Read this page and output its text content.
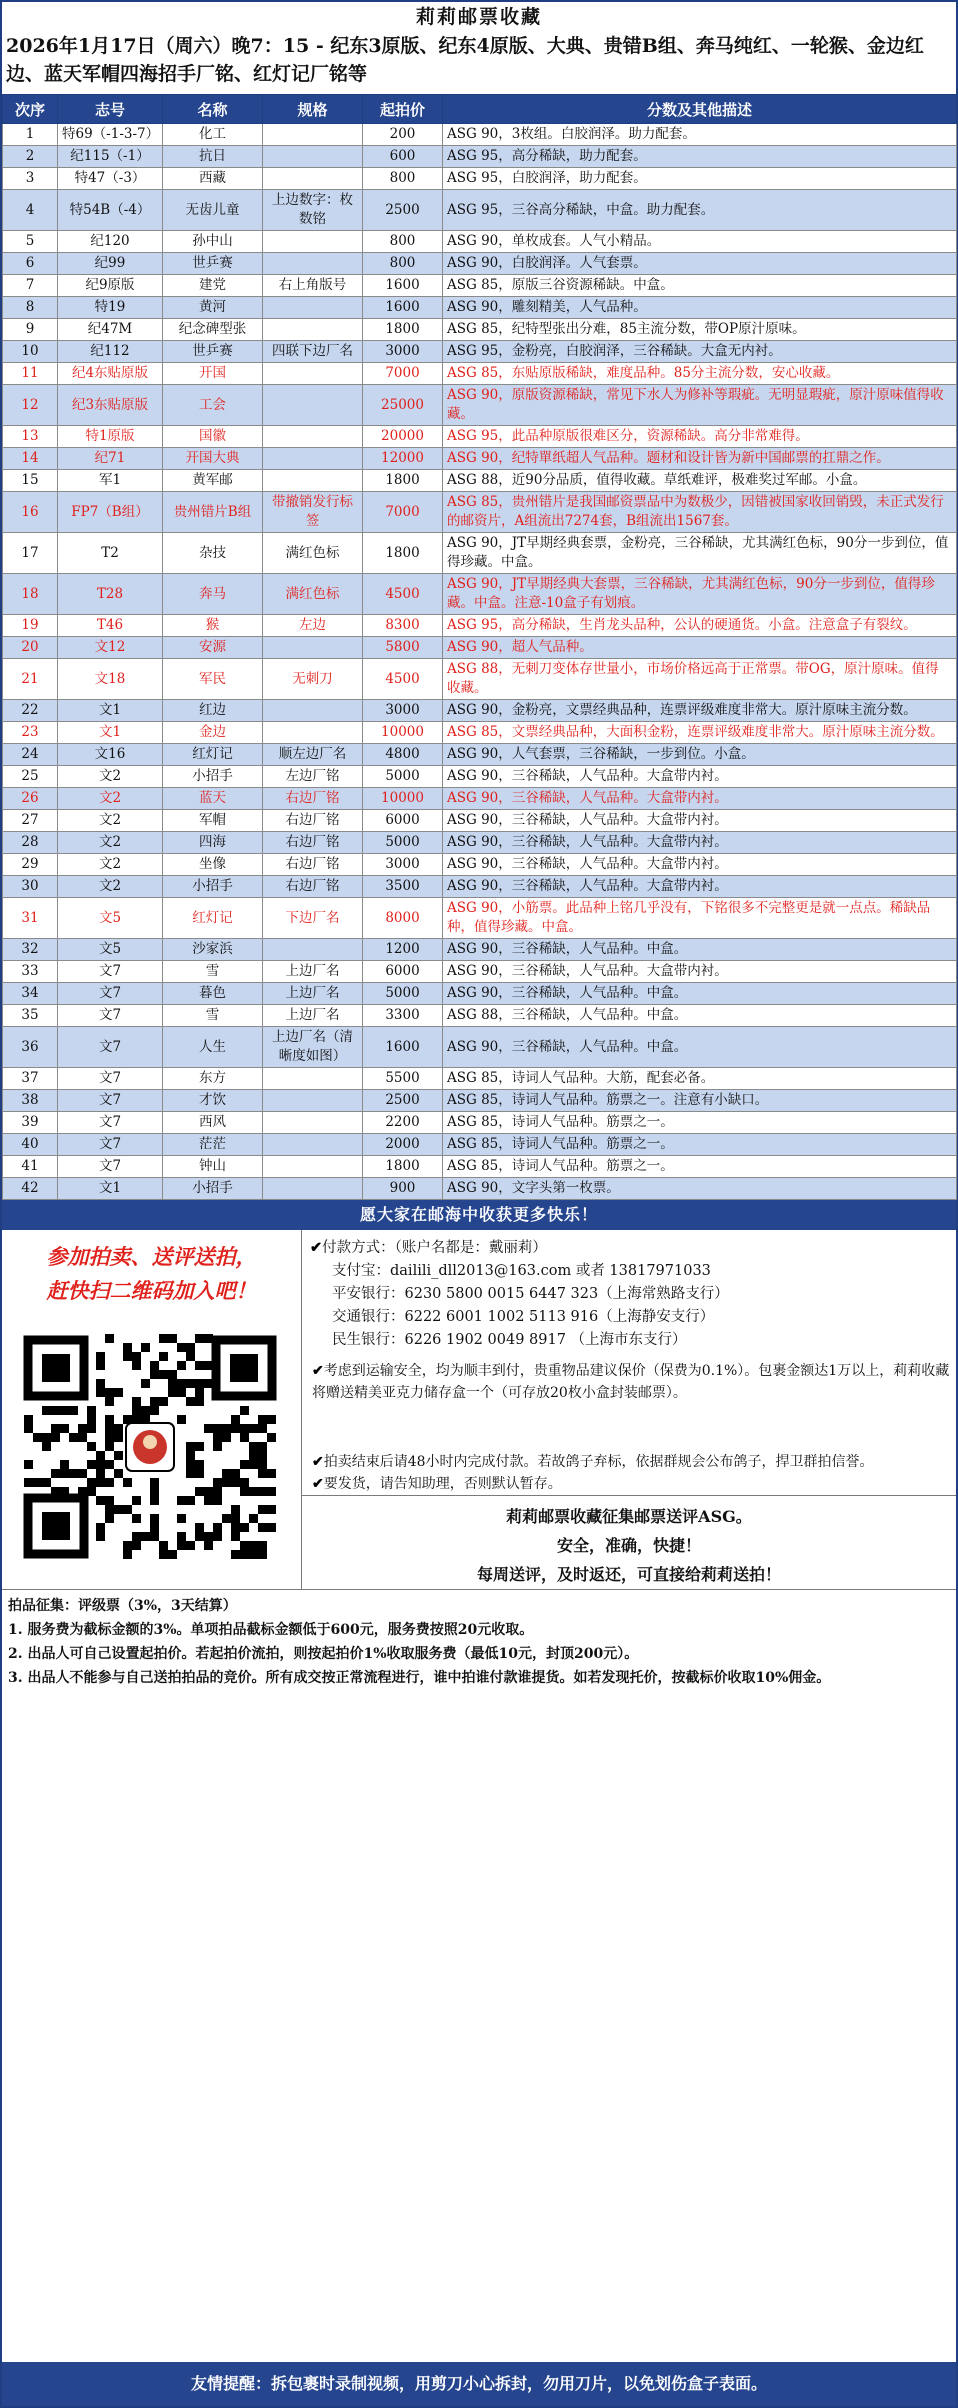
莉莉邮票收藏
2026年1月17日（周六）晚7：15 - 纪东3原版、纪东4原版、大典、贵错B组、奔马纯红、一轮猴、金边红边、蓝天军帽四海招手厂铭、红灯记厂铭等
次序	志号	名称	规格	起拍价	分数及其他描述
1	特69（-1-3-7）	化工		200	ASG 90，3枚组。白胶润泽。助力配套。
2	纪115（-1）	抗日		600	ASG 95，高分稀缺，助力配套。
3	特47（-3）	西藏		800	ASG 95，白胶润泽，助力配套。
4	特54B（-4）	无齿儿童	上边数字：枚数铭	2500	ASG 95，三谷高分稀缺，中盒。助力配套。
5	纪120	孙中山		800	ASG 90，单枚成套。人气小精品。
6	纪99	世乒赛		800	ASG 90，白胶润泽。人气套票。
7	纪9原版	建党	右上角版号	1600	ASG 85，原版三谷资源稀缺。中盒。
8	特19	黄河		1600	ASG 90，雕刻精美，人气品种。
9	纪47M	纪念碑型张		1800	ASG 85，纪特型张出分难，85主流分数，带OP原汁原味。
10	纪112	世乒赛	四联下边厂名	3000	ASG 95，金粉亮，白胶润泽，三谷稀缺。大盒无内衬。
11	纪4东贴原版	开国		7000	ASG 85，东贴原版稀缺，难度品种。85分主流分数，安心收藏。
12	纪3东贴原版	工会		25000	ASG 90，原版资源稀缺，常见下水人为修补等瑕疵。无明显瑕疵，原汁原味值得收藏。
13	特1原版	国徽		20000	ASG 95，此品种原版很难区分，资源稀缺。高分非常难得。
14	纪71	开国大典		12000	ASG 90，纪特單纸超人气品种。题材和设计皆为新中国邮票的扛鼎之作。
15	军1	黄军邮		1800	ASG 88，近90分品质，值得收藏。草纸难评，极难奖过军邮。小盒。
16	FP7（B组）	贵州错片B组	带撤销发行标签	7000	ASG 85，贵州错片是我国邮资票品中为数极少，因错被国家收回销毁，未正式发行的邮资片，A组流出7274套，B组流出1567套。
17	T2	杂技	满红色标	1800	ASG 90，JT早期经典套票，金粉亮，三谷稀缺，尤其满红色标，90分一步到位，值得珍藏。中盒。
18	T28	奔马	满红色标	4500	ASG 90，JT早期经典大套票，三谷稀缺，尤其满红色标，90分一步到位，值得珍藏。中盒。注意-10盒子有划痕。
19	T46	猴	左边	8300	ASG 95，高分稀缺，生肖龙头品种，公认的硬通货。小盒。注意盒子有裂纹。
20	文12	安源		5800	ASG 90，超人气品种。
21	文18	军民	无刺刀	4500	ASG 88，无刺刀变体存世量小，市场价格远高于正常票。带OG，原汁原味。值得收藏。
22	文1	红边		3000	ASG 90，金粉亮，文票经典品种，连票评级难度非常大。原汁原味主流分数。
23	文1	金边		10000	ASG 85，文票经典品种，大面积金粉，连票评级难度非常大。原汁原味主流分数。
24	文16	红灯记	顺左边厂名	4800	ASG 90，人气套票，三谷稀缺，一步到位。小盒。
25	文2	小招手	左边厂铭	5000	ASG 90，三谷稀缺，人气品种。大盒带内衬。
26	文2	蓝天	右边厂铭	10000	ASG 90，三谷稀缺，人气品种。大盒带内衬。
27	文2	军帽	右边厂铭	6000	ASG 90，三谷稀缺，人气品种。大盒带内衬。
28	文2	四海	右边厂铭	5000	ASG 90，三谷稀缺，人气品种。大盒带内衬。
29	文2	坐像	右边厂铭	3000	ASG 90，三谷稀缺，人气品种。大盒带内衬。
30	文2	小招手	右边厂铭	3500	ASG 90，三谷稀缺，人气品种。大盒带内衬。
31	文5	红灯记	下边厂名	8000	ASG 90，小筋票。此品种上铭几乎没有，下铭很多不完整更是就一点点。稀缺品种，值得珍藏。中盒。
32	文5	沙家浜		1200	ASG 90，三谷稀缺，人气品种。中盒。
33	文7	雪	上边厂名	6000	ASG 90，三谷稀缺，人气品种。大盒带内衬。
34	文7	暮色	上边厂名	5000	ASG 90，三谷稀缺，人气品种。中盒。
35	文7	雪	上边厂名	3300	ASG 88，三谷稀缺，人气品种。中盒。
36	文7	人生	上边厂名（清晰度如图）	1600	ASG 90，三谷稀缺，人气品种。中盒。
37	文7	东方		5500	ASG 85，诗词人气品种。大筋，配套必备。
38	文7	才饮		2500	ASG 85，诗词人气品种。筋票之一。注意有小缺口。
39	文7	西风		2200	ASG 85，诗词人气品种。筋票之一。
40	文7	茫茫		2000	ASG 85，诗词人气品种。筋票之一。
41	文7	钟山		1800	ASG 85，诗词人气品种。筋票之一。
42	文1	小招手		900	ASG 90，文字头第一枚票。
愿大家在邮海中收获更多快乐！
参加拍卖、送评送拍，
赶快扫二维码加入吧！
✔付款方式：（账户名都是：戴丽莉）
支付宝：dailili_dll2013@163.com 或者 13817971033
平安银行：6230 5800 0015 6447 323（上海常熟路支行）
交通银行：6222 6001 1002 5113 916（上海静安支行）
民生银行：6226 1902 0049 8917 （上海市东支行）
✔考虑到运输安全，均为顺丰到付，贵重物品建议保价（保费为0.1%）。包裹金额达1万以上，莉莉收藏将赠送精美亚克力储存盒一个（可存放20枚小盒封装邮票）。
✔拍卖结束后请48小时内完成付款。若故鸽子弃标，依据群规会公布鸽子，捍卫群拍信誉。
✔要发货，请告知助理，否则默认暂存。
莉莉邮票收藏征集邮票送评ASG。
安全，准确，快捷！
每周送评，及时返还，可直接给莉莉送拍！
拍品征集：评级票（3%，3天结算）
1. 服务费为截标金额的3%。单项拍品截标金额低于600元，服务费按照20元收取。
2. 出品人可自己设置起拍价。若起拍价流拍，则按起拍价1%收取服务费（最低10元，封顶200元）。
3. 出品人不能参与自己送拍拍品的竞价。所有成交按正常流程进行，谁中拍谁付款谁提货。如若发现托价，按截标价收取10%佣金。
友情提醒：拆包裹时录制视频，用剪刀小心拆封，勿用刀片，以免划伤盒子表面。
